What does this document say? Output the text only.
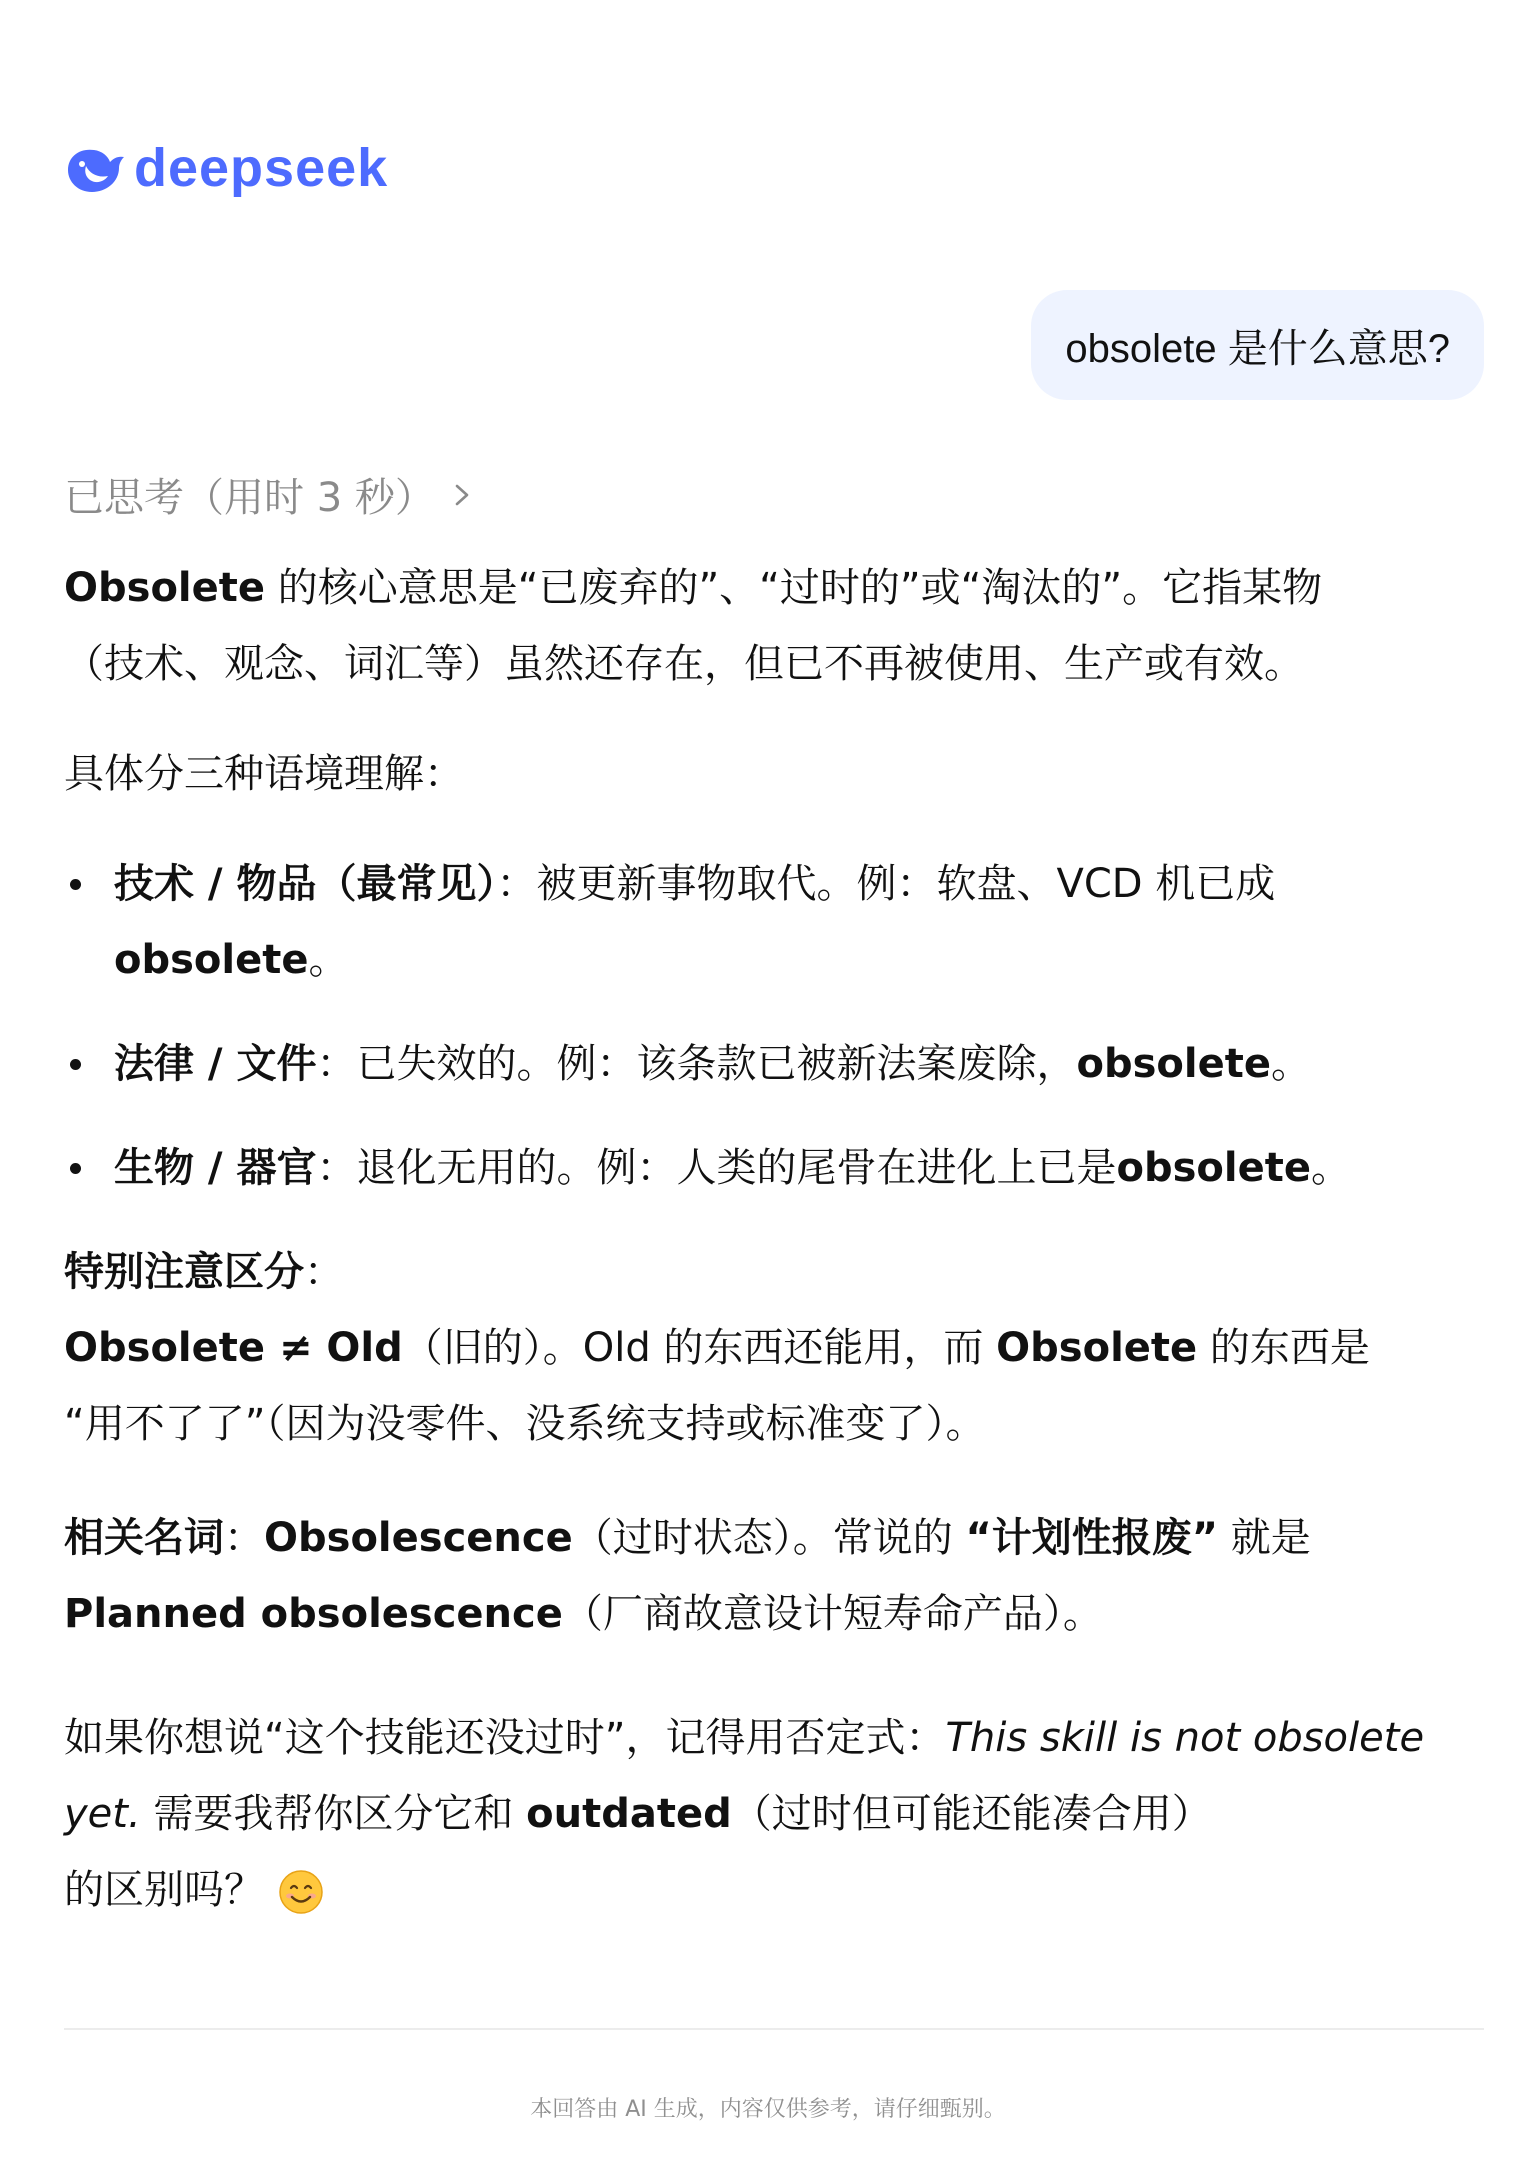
deepseek
obsolete 是什么意思?
已思考（用时 3 秒）

Obsolete 的核心意思是“已废弃的”、“过时的”或“淘汰的”。它指某物
（技术、观念、词汇等）虽然还存在，但已不再被使用、生产或有效。

具体分三种语境理解：

技术 / 物品（最常见）：被更新事物取代。例：软盘、VCD 机已成
obsolete。
法律 / 文件：已失效的。例：该条款已被新法案废除，obsolete。
生物 / 器官：退化无用的。例：人类的尾骨在进化上已是obsolete。

特别注意区分：

Obsolete ≠ Old（旧的）。Old 的东西还能用，而 Obsolete 的东西是
“用不了了”（因为没零件、没系统支持或标准变了）。

相关名词：Obsolescence（过时状态）。常说的 “计划性报废” 就是
Planned obsolescence（厂商故意设计短寿命产品）。

如果你想说“这个技能还没过时”，记得用否定式：This skill is not obsolete yet. 需要我帮你区分它和 outdated（过时但可能还能凑合用）
的区别吗？

本回答由 AI 生成，内容仅供参考，请仔细甄别。
